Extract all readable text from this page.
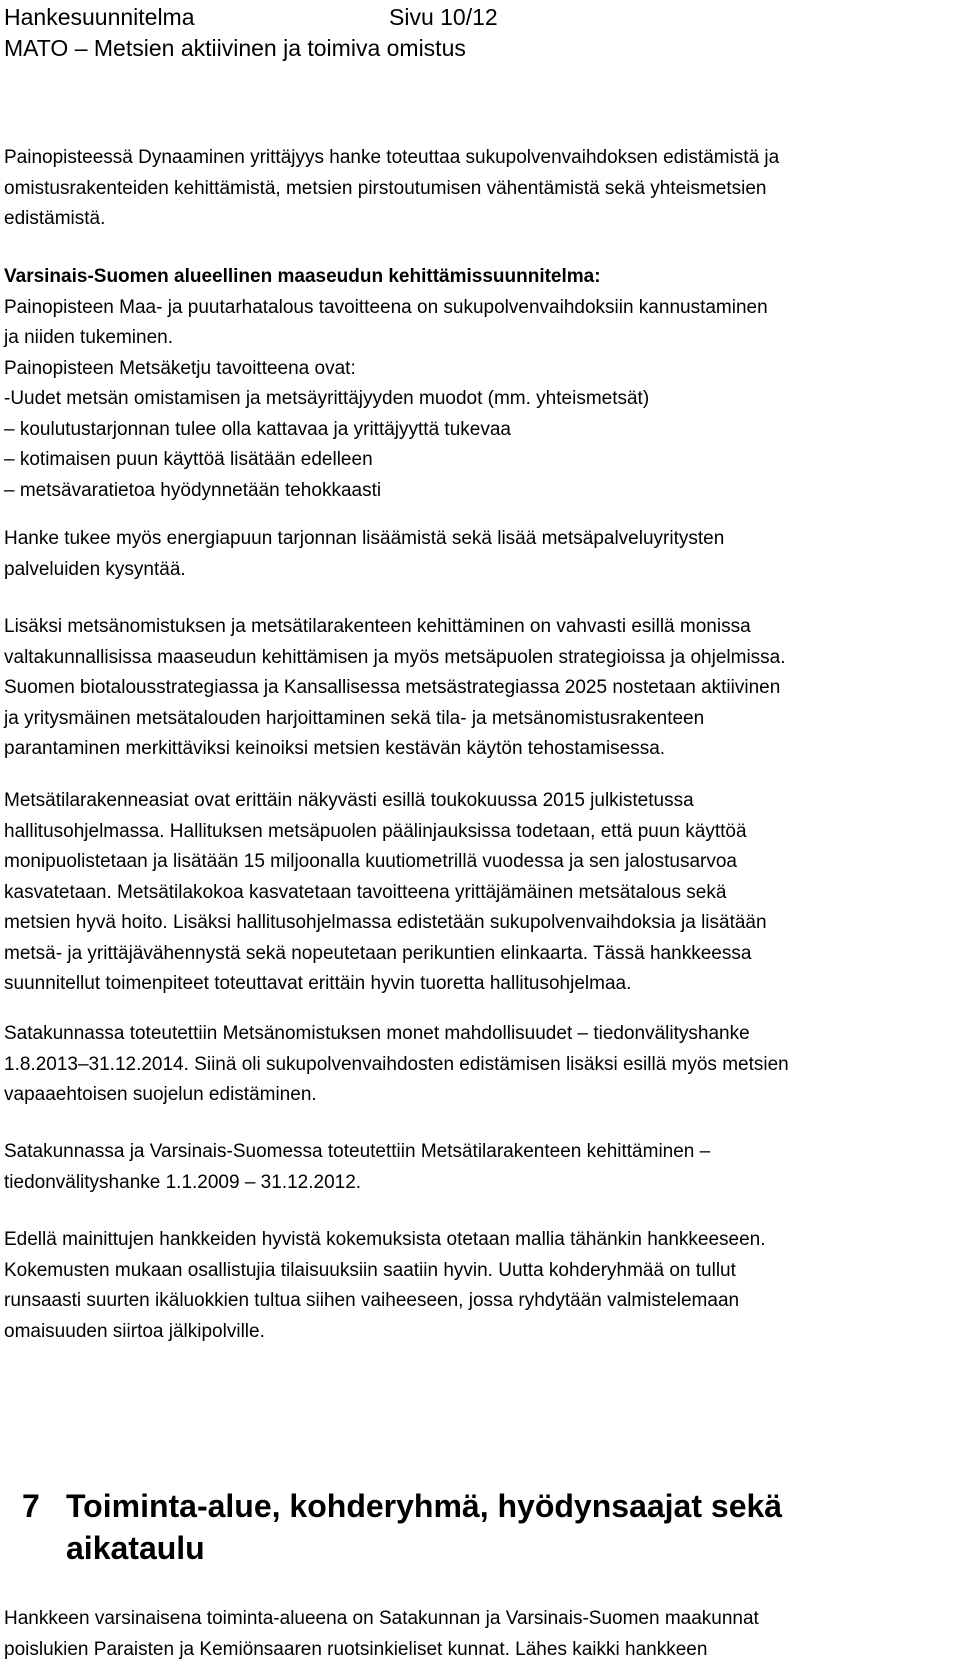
Hankesuunnitelma	Sivu 10/12
MATO – Metsien aktiivinen ja toimiva omistus

Painopisteessä Dynaaminen yrittäjyys hanke toteuttaa sukupolvenvaihdoksen edistämistä ja

omistusrakenteiden kehittämistä, metsien pirstoutumisen vähentämistä sekä yhteismetsien

edistämistä.

Varsinais-Suomen alueellinen maaseudun kehittämissuunnitelma:

Painopisteen Maa- ja puutarhatalous tavoitteena on sukupolvenvaihdoksiin kannustaminen

ja niiden tukeminen.

Painopisteen Metsäketju tavoitteena ovat:

-Uudet metsän omistamisen ja metsäyrittäjyyden muodot (mm. yhteismetsät)

– koulutustarjonnan tulee olla kattavaa ja yrittäjyyttä tukevaa

– kotimaisen puun käyttöä lisätään edelleen

– metsävaratietoa hyödynnetään tehokkaasti

Hanke tukee myös energiapuun tarjonnan lisäämistä sekä lisää metsäpalveluyritysten

palveluiden kysyntää.

Lisäksi metsänomistuksen ja metsätilarakenteen kehittäminen on vahvasti esillä monissa

valtakunnallisissa maaseudun kehittämisen ja myös metsäpuolen strategioissa ja ohjelmissa.

Suomen biotalousstrategiassa ja Kansallisessa metsästrategiassa 2025 nostetaan aktiivinen

ja yritysmäinen metsätalouden harjoittaminen sekä tila- ja metsänomistusrakenteen

parantaminen merkittäviksi keinoiksi metsien kestävän käytön tehostamisessa.

Metsätilarakenneasiat ovat erittäin näkyvästi esillä toukokuussa 2015 julkistetussa

hallitusohjelmassa. Hallituksen metsäpuolen päälinjauksissa todetaan, että puun käyttöä

monipuolistetaan ja lisätään 15 miljoonalla kuutiometrillä vuodessa ja sen jalostusarvoa

kasvatetaan. Metsätilakokoa kasvatetaan tavoitteena yrittäjämäinen metsätalous sekä

metsien hyvä hoito. Lisäksi hallitusohjelmassa edistetään sukupolvenvaihdoksia ja lisätään

metsä- ja yrittäjävähennystä sekä nopeutetaan perikuntien elinkaarta. Tässä hankkeessa

suunnitellut toimenpiteet toteuttavat erittäin hyvin tuoretta hallitusohjelmaa.

Satakunnassa toteutettiin Metsänomistuksen monet mahdollisuudet – tiedonvälityshanke

1.8.2013–31.12.2014. Siinä oli sukupolvenvaihdosten edistämisen lisäksi esillä myös metsien

vapaaehtoisen suojelun edistäminen.

Satakunnassa ja Varsinais-Suomessa toteutettiin Metsätilarakenteen kehittäminen –

tiedonvälityshanke 1.1.2009 – 31.12.2012.

Edellä mainittujen hankkeiden hyvistä kokemuksista otetaan mallia tähänkin hankkeeseen.

Kokemusten mukaan osallistujia tilaisuuksiin saatiin hyvin. Uutta kohderyhmää on tullut

runsaasti suurten ikäluokkien tultua siihen vaiheeseen, jossa ryhdytään valmistelemaan

omaisuuden siirtoa jälkipolville.

7 Toiminta-alue, kohderyhmä, hyödynsaajat sekä
aikataulu

Hankkeen varsinaisena toiminta-alueena on Satakunnan ja Varsinais-Suomen maakunnat

poislukien Paraisten ja Kemiönsaaren ruotsinkieliset kunnat. Lähes kaikki hankkeen
